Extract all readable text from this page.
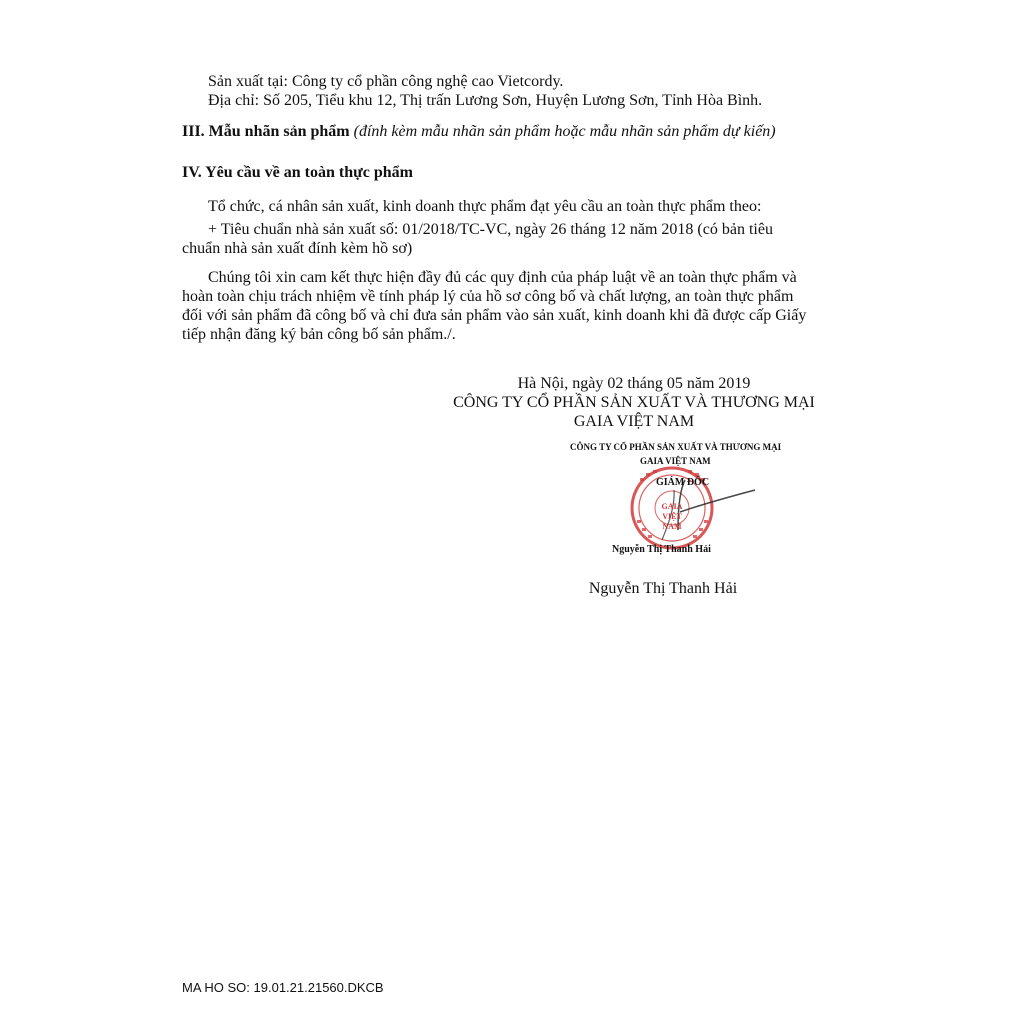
Sản xuất tại: Công ty cổ phần công nghệ cao Vietcordy.
Địa chỉ: Số 205, Tiểu khu 12, Thị trấn Lương Sơn, Huyện Lương Sơn, Tỉnh Hòa Bình.
III. Mẫu nhãn sản phẩm (đính kèm mẫu nhãn sản phẩm hoặc mẫu nhãn sản phẩm dự kiến)
IV. Yêu cầu về an toàn thực phẩm
Tổ chức, cá nhân sản xuất, kinh doanh thực phẩm đạt yêu cầu an toàn thực phẩm theo:
+ Tiêu chuẩn nhà sản xuất số: 01/2018/TC-VC, ngày 26 tháng 12 năm 2018 (có bản tiêu
chuẩn nhà sản xuất đính kèm hồ sơ)
Chúng tôi xin cam kết thực hiện đầy đủ các quy định của pháp luật về an toàn thực phẩm và
hoàn toàn chịu trách nhiệm về tính pháp lý của hồ sơ công bố và chất lượng, an toàn thực phẩm
đối với sản phẩm đã công bố và chỉ đưa sản phẩm vào sản xuất, kinh doanh khi đã được cấp Giấy
tiếp nhận đăng ký bản công bố sản phẩm./.
Hà Nội, ngày 02 tháng 05 năm 2019
CÔNG TY CỔ PHẦN SẢN XUẤT VÀ THƯƠNG MẠI
GAIA VIỆT NAM
CÔNG TY CỔ PHẦN SẢN XUẤT VÀ THƯƠNG MẠI
GAIA VIỆT NAM
GIÁM ĐỐC
GAIA VIỆT NAM
Nguyễn Thị Thanh Hải
Nguyễn Thị Thanh Hải
MA HO SO: 19.01.21.21560.DKCB
